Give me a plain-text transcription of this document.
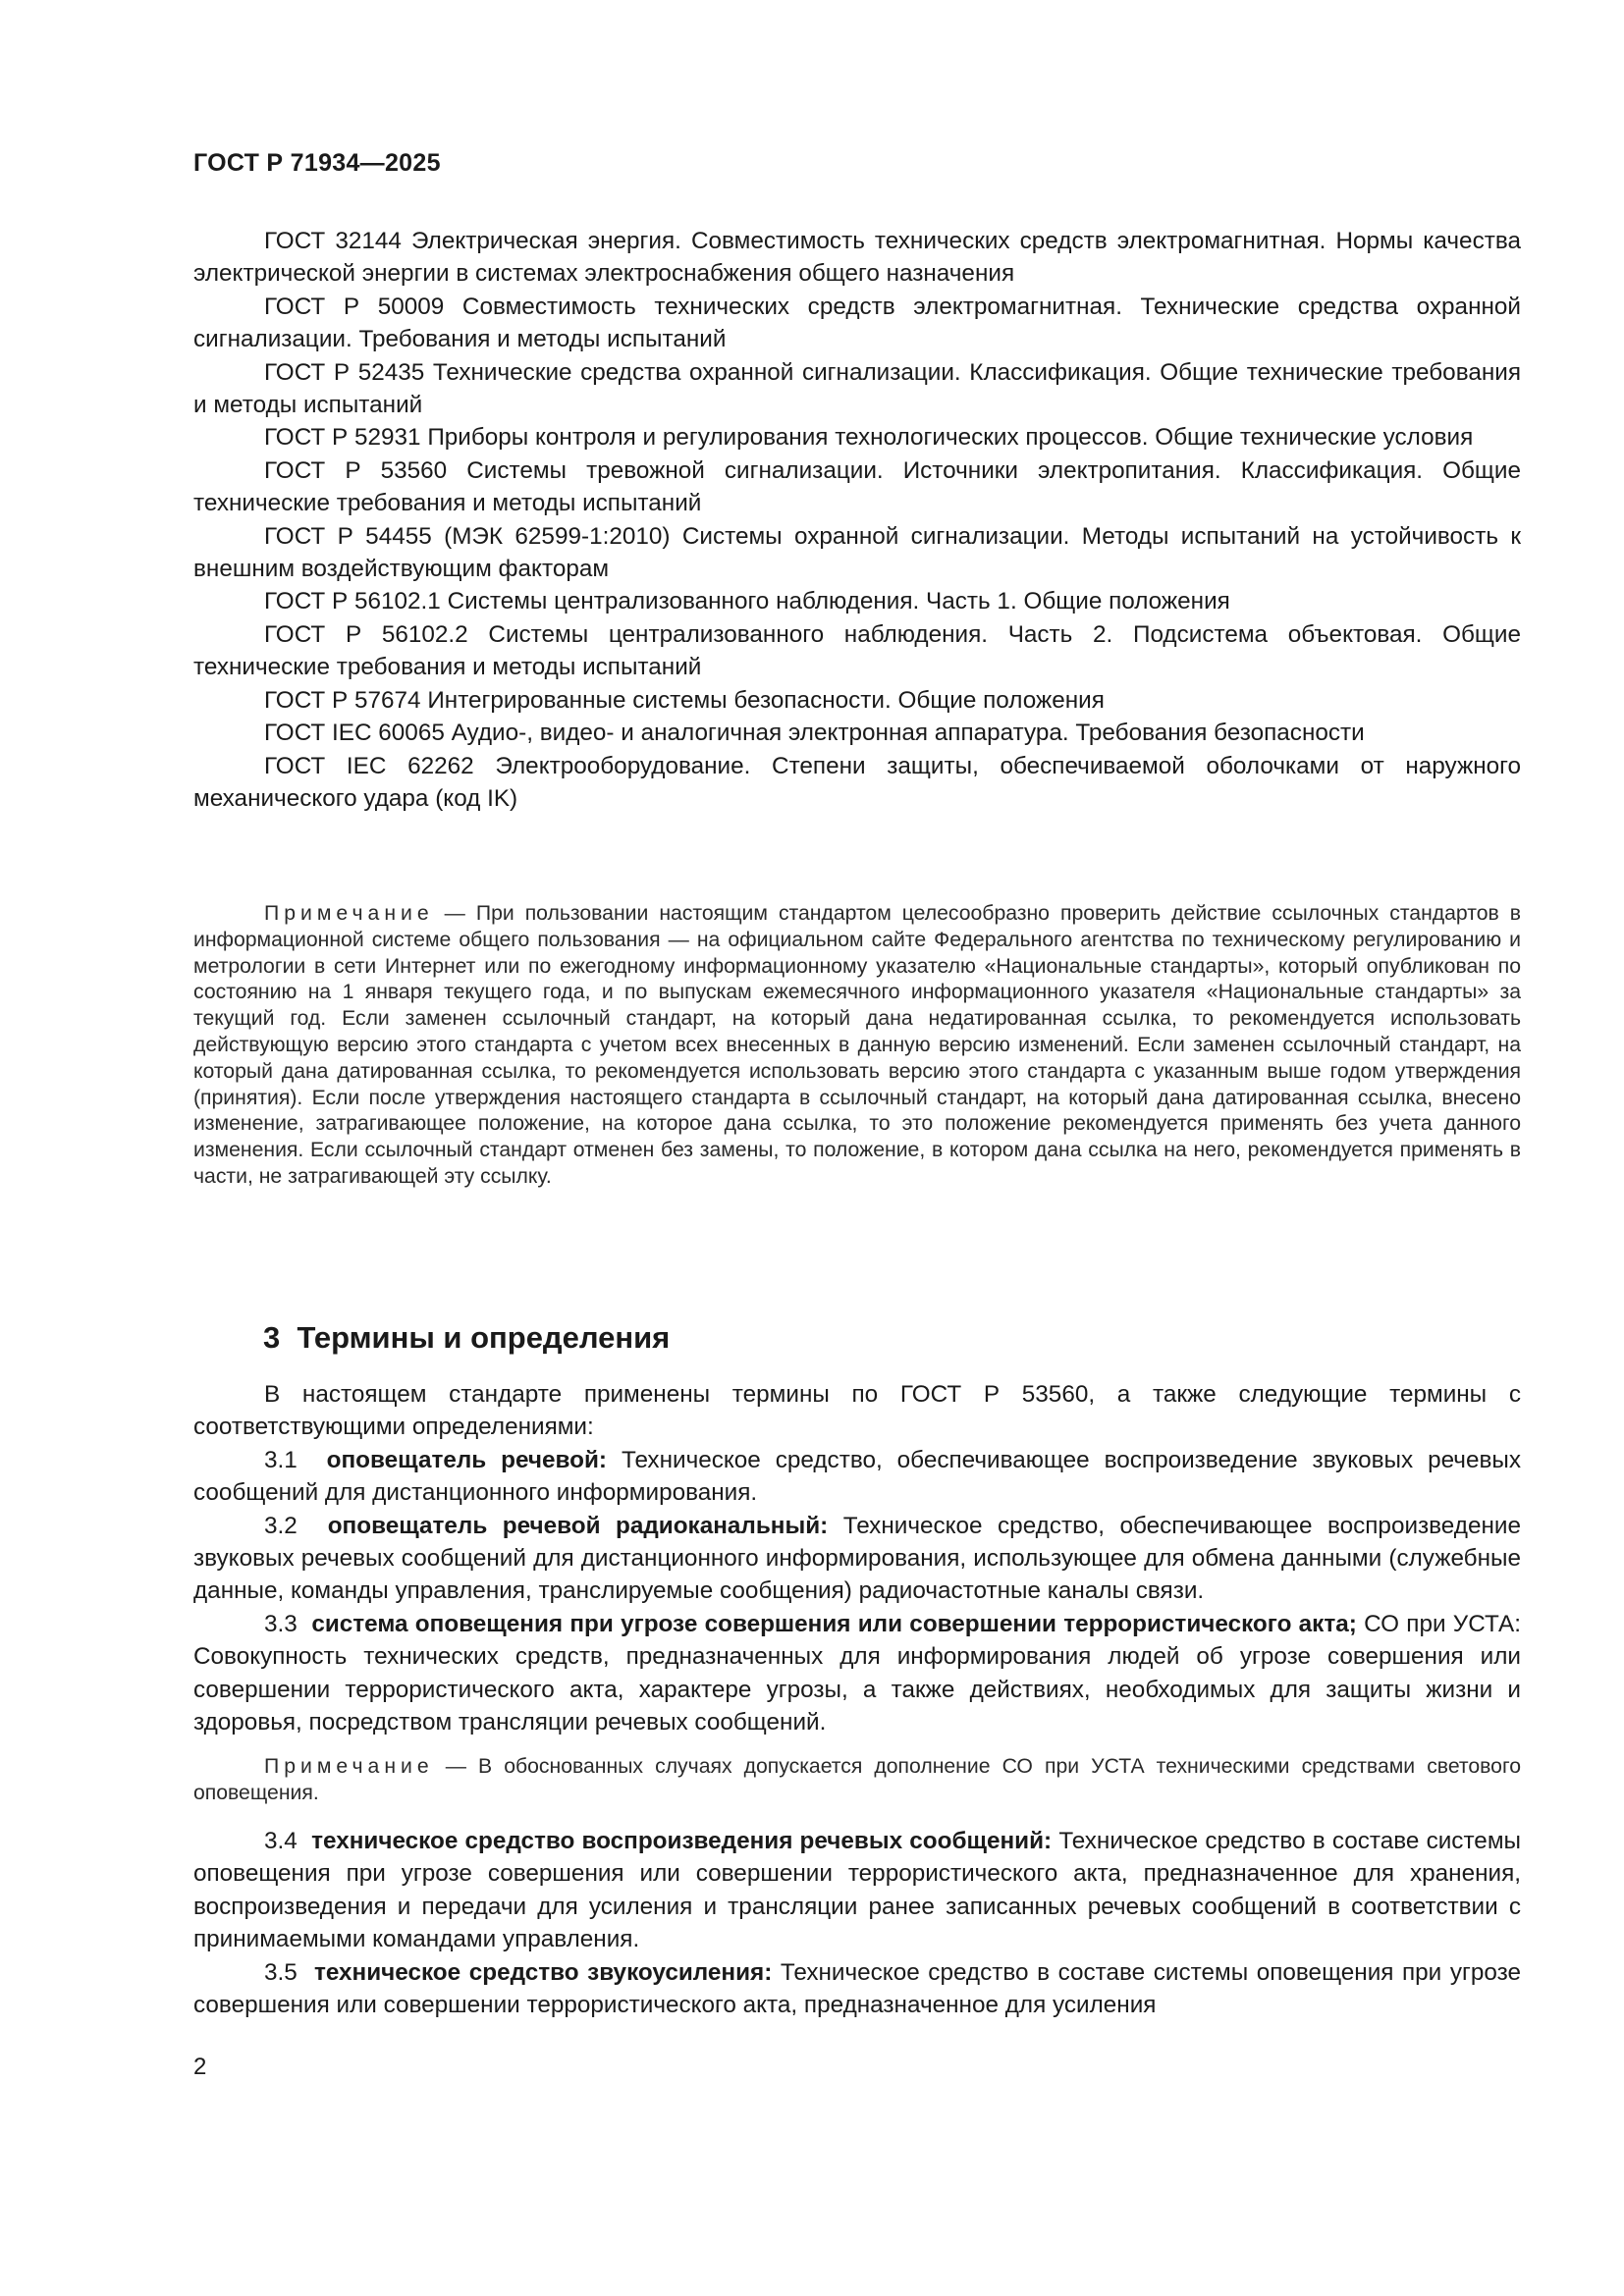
ГОСТ Р 71934—2025

ГОСТ 32144 Электрическая энергия. Совместимость технических средств электромагнитная. Нормы качества электрической энергии в системах электроснабжения общего назначения

ГОСТ Р 50009 Совместимость технических средств электромагнитная. Технические средства охранной сигнализации. Требования и методы испытаний

ГОСТ Р 52435 Технические средства охранной сигнализации. Классификация. Общие технические требования и методы испытаний

ГОСТ Р 52931 Приборы контроля и регулирования технологических процессов. Общие технические условия

ГОСТ Р 53560 Системы тревожной сигнализации. Источники электропитания. Классификация. Общие технические требования и методы испытаний

ГОСТ Р 54455 (МЭК 62599-1:2010) Системы охранной сигнализации. Методы испытаний на устойчивость к внешним воздействующим факторам

ГОСТ Р 56102.1 Системы централизованного наблюдения. Часть 1. Общие положения

ГОСТ Р 56102.2 Системы централизованного наблюдения. Часть 2. Подсистема объектовая. Общие технические требования и методы испытаний

ГОСТ Р 57674 Интегрированные системы безопасности. Общие положения

ГОСТ IEC 60065 Аудио-, видео- и аналогичная электронная аппаратура. Требования безопасности

ГОСТ IEC 62262 Электрооборудование. Степени защиты, обеспечиваемой оболочками от наружного механического удара (код IK)

Примечание — При пользовании настоящим стандартом целесообразно проверить действие ссылочных стандартов в информационной системе общего пользования — на официальном сайте Федерального агентства по техническому регулированию и метрологии в сети Интернет или по ежегодному информационному указателю «Национальные стандарты», который опубликован по состоянию на 1 января текущего года, и по выпускам ежемесячного информационного указателя «Национальные стандарты» за текущий год. Если заменен ссылочный стандарт, на который дана недатированная ссылка, то рекомендуется использовать действующую версию этого стандарта с учетом всех внесенных в данную версию изменений. Если заменен ссылочный стандарт, на который дана датированная ссылка, то рекомендуется использовать версию этого стандарта с указанным выше годом утверждения (принятия). Если после утверждения настоящего стандарта в ссылочный стандарт, на который дана датированная ссылка, внесено изменение, затрагивающее положение, на которое дана ссылка, то это положение рекомендуется применять без учета данного изменения. Если ссылочный стандарт отменен без замены, то положение, в котором дана ссылка на него, рекомендуется применять в части, не затрагивающей эту ссылку.

3  Термины и определения

В настоящем стандарте применены термины по ГОСТ Р 53560, а также следующие термины с соответствующими определениями:

3.1 оповещатель речевой: Техническое средство, обеспечивающее воспроизведение звуковых речевых сообщений для дистанционного информирования.

3.2 оповещатель речевой радиоканальный: Техническое средство, обеспечивающее воспроизведение звуковых речевых сообщений для дистанционного информирования, использующее для обмена данными (служебные данные, команды управления, транслируемые сообщения) радиочастотные каналы связи.

3.3 система оповещения при угрозе совершения или совершении террористического акта; СО при УСТА: Совокупность технических средств, предназначенных для информирования людей об угрозе совершения или совершении террористического акта, характере угрозы, а также действиях, необходимых для защиты жизни и здоровья, посредством трансляции речевых сообщений.

Примечание — В обоснованных случаях допускается дополнение СО при УСТА техническими средствами светового оповещения.

3.4 техническое средство воспроизведения речевых сообщений: Техническое средство в составе системы оповещения при угрозе совершения или совершении террористического акта, предназначенное для хранения, воспроизведения и передачи для усиления и трансляции ранее записанных речевых сообщений в соответствии с принимаемыми командами управления.

3.5 техническое средство звукоусиления: Техническое средство в составе системы оповещения при угрозе совершения или совершении террористического акта, предназначенное для усиления

2
